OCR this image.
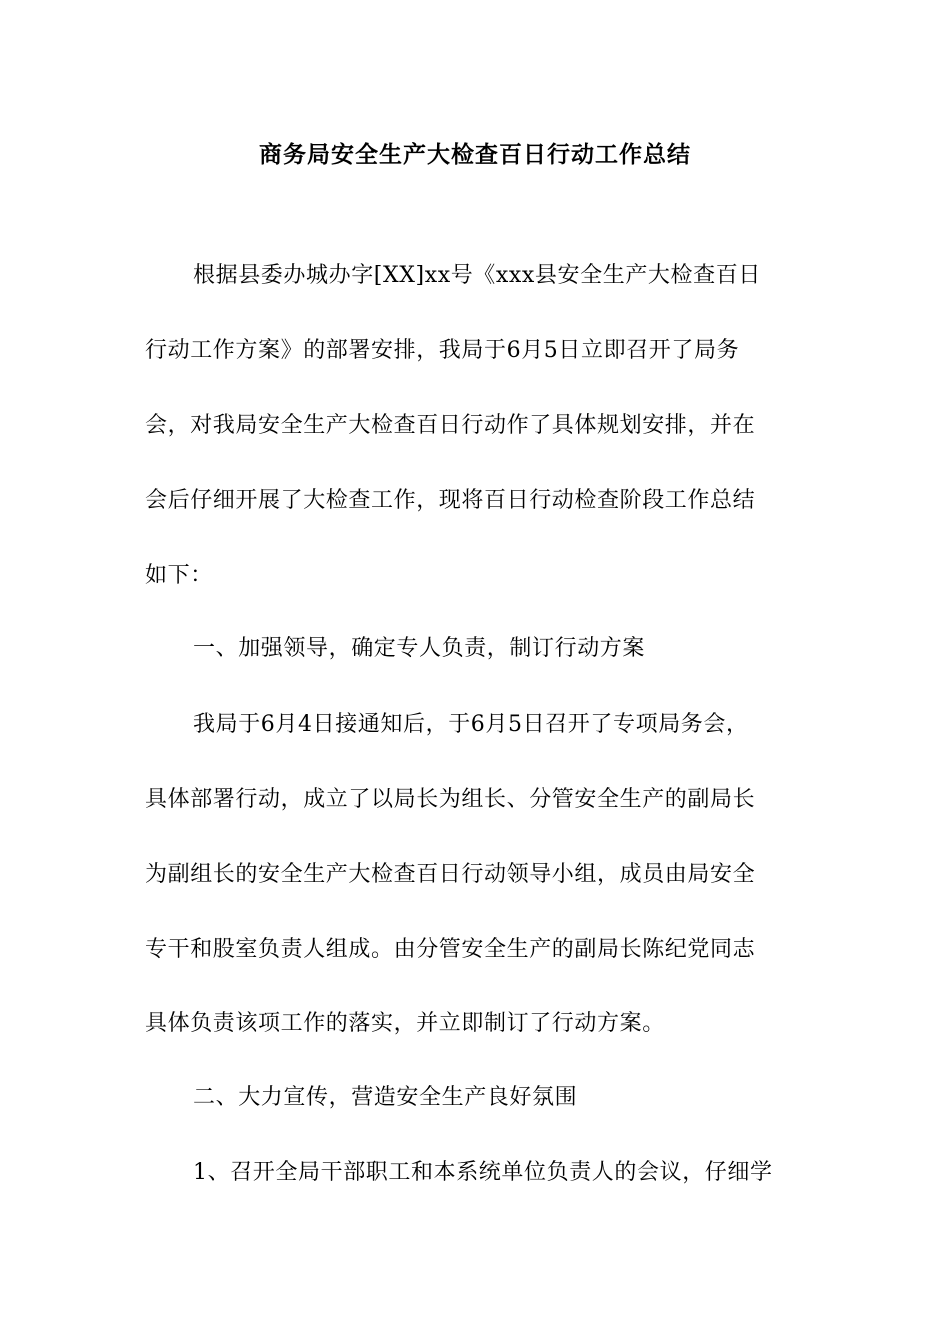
商务局安全生产大检查百日行动工作总结
根据县委办城办字[XX]xx号《xxx县安全生产大检查百日
行动工作方案》的部署安排，我局于6月5日立即召开了局务
会，对我局安全生产大检查百日行动作了具体规划安排，并在
会后仔细开展了大检查工作，现将百日行动检查阶段工作总结
如下：
一、加强领导，确定专人负责，制订行动方案
我局于6月4日接通知后，于6月5日召开了专项局务会，
具体部署行动，成立了以局长为组长、分管安全生产的副局长
为副组长的安全生产大检查百日行动领导小组，成员由局安全
专干和股室负责人组成。由分管安全生产的副局长陈纪党同志
具体负责该项工作的落实，并立即制订了行动方案。
二、大力宣传，营造安全生产良好氛围
1、召开全局干部职工和本系统单位负责人的会议，仔细学
